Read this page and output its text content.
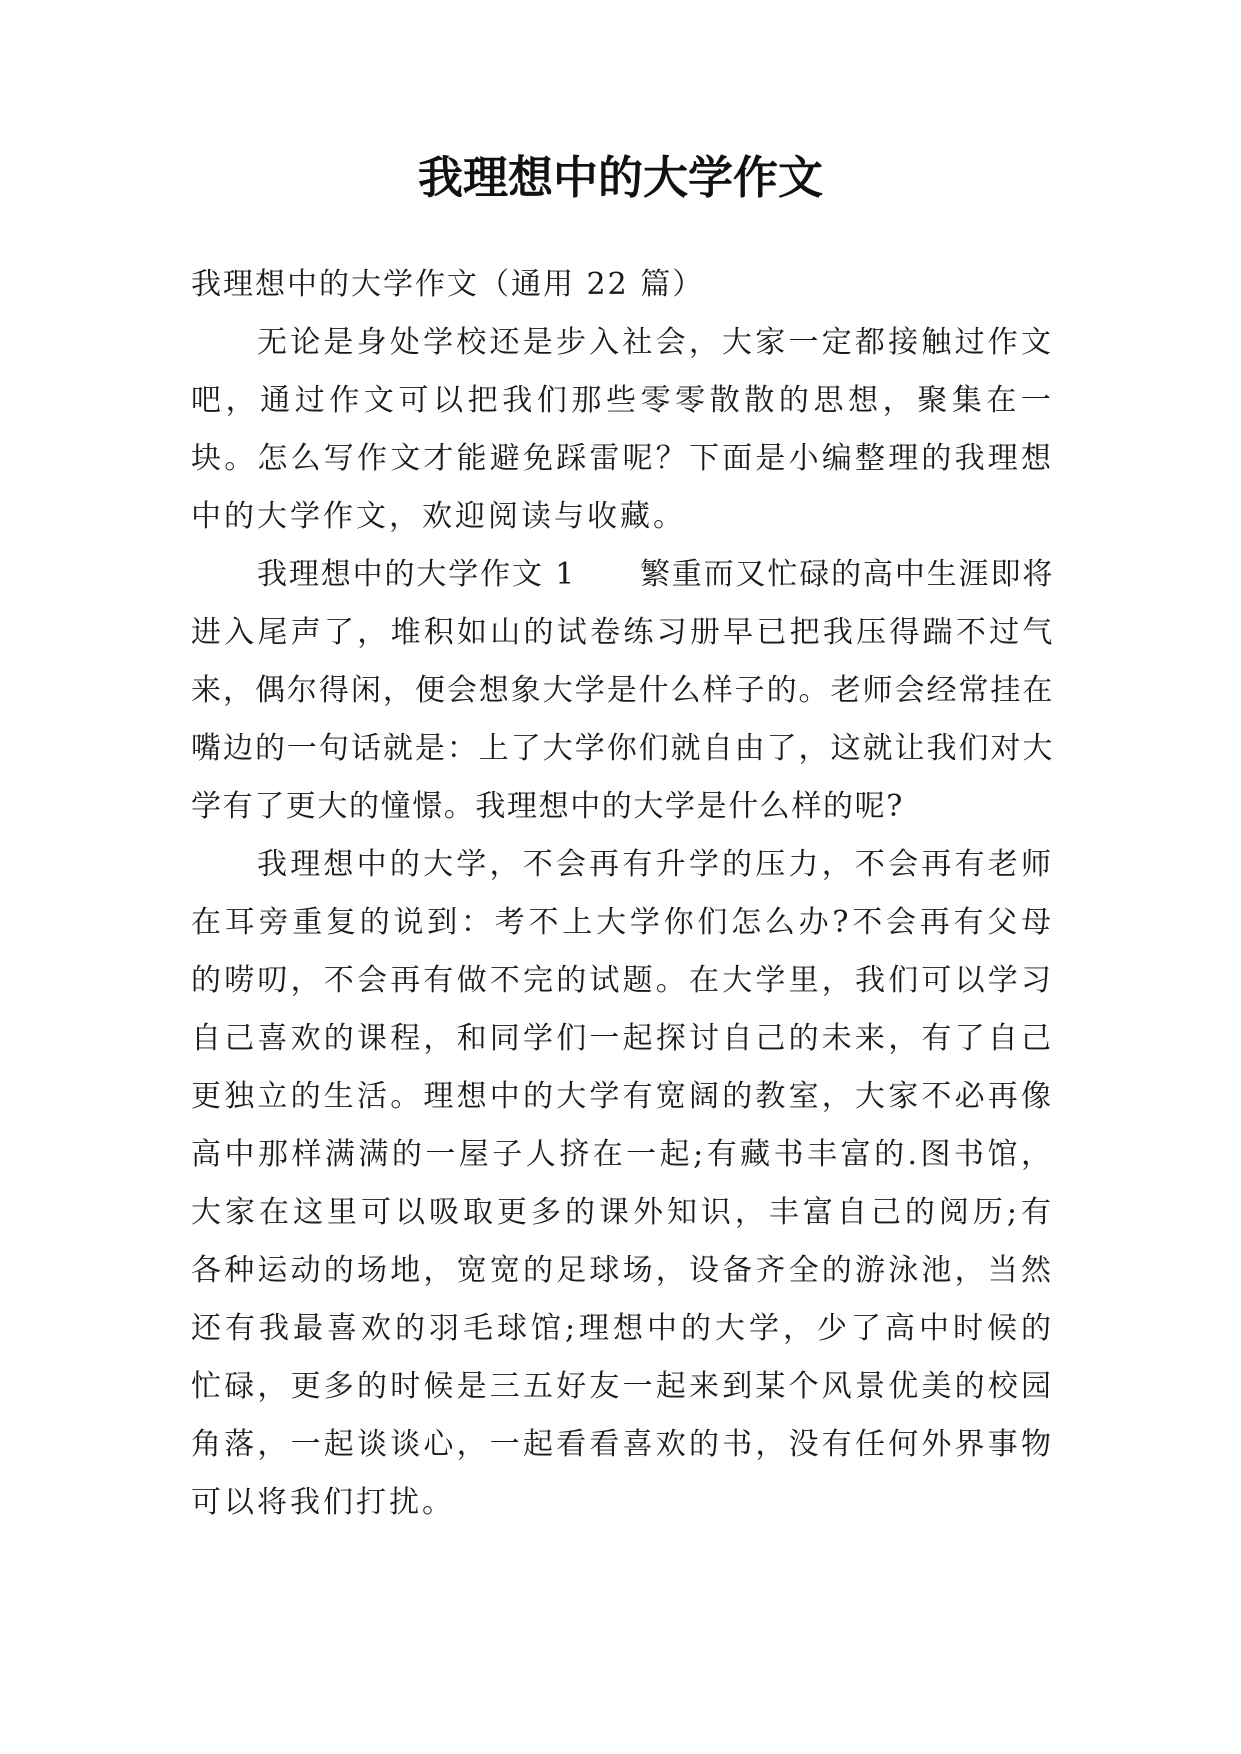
我理想中的大学作文

我理想中的大学作文（通用 22 篇）

无论是身处学校还是步入社会，大家一定都接触过作文吧，通过作文可以把我们那些零零散散的思想，聚集在一块。怎么写作文才能避免踩雷呢？下面是小编整理的我理想中的大学作文，欢迎阅读与收藏。

我理想中的大学作文 1　　繁重而又忙碌的高中生涯即将进入尾声了，堆积如山的试卷练习册早已把我压得踹不过气来，偶尔得闲，便会想象大学是什么样子的。老师会经常挂在嘴边的一句话就是：上了大学你们就自由了，这就让我们对大学有了更大的憧憬。我理想中的大学是什么样的呢?

我理想中的大学，不会再有升学的压力，不会再有老师在耳旁重复的说到：考不上大学你们怎么办?不会再有父母的唠叨，不会再有做不完的试题。在大学里，我们可以学习自己喜欢的课程，和同学们一起探讨自己的未来，有了自己更独立的生活。理想中的大学有宽阔的教室，大家不必再像高中那样满满的一屋子人挤在一起;有藏书丰富的.图书馆，大家在这里可以吸取更多的课外知识，丰富自己的阅历;有各种运动的场地，宽宽的足球场，设备齐全的游泳池，当然还有我最喜欢的羽毛球馆;理想中的大学，少了高中时候的忙碌，更多的时候是三五好友一起来到某个风景优美的校园角落，一起谈谈心，一起看看喜欢的书，没有任何外界事物可以将我们打扰。
